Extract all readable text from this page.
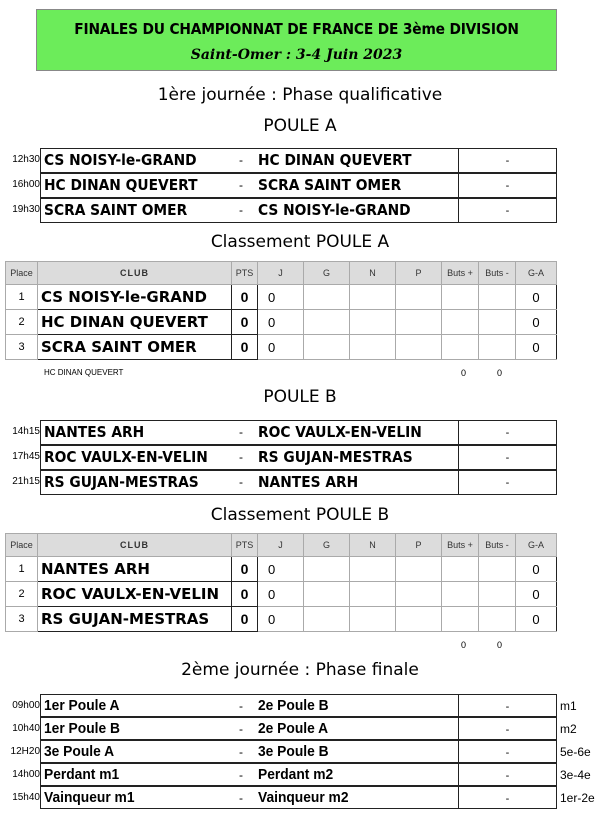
FINALES DU CHAMPIONNAT DE FRANCE DE 3ème DIVISION
Saint-Omer : 3-4 Juin 2023
1ère journée : Phase qualificative
POULE A
12h30 CS NOISY-le-GRAND	- HC DINAN QUEVERT	-
16h00 HC DINAN QUEVERT	- SCRA SAINT OMER	-
19h30 SCRA SAINT OMER	- CS NOISY-le-GRAND	-
Classement POULE A
Place	CLUB	PTS	J	G	N	P	Buts +	Buts -	G-A
1	CS NOISY-le-GRAND	0	0						0
2	HC DINAN QUEVERT	0	0						0
3	SCRA SAINT OMER	0	0						0
HC DINAN QUEVERT	0	0
POULE B
14h15 NANTES ARH	- ROC VAULX-EN-VELIN	-
17h45 ROC VAULX-EN-VELIN	- RS GUJAN-MESTRAS	-
21h15 RS GUJAN-MESTRAS	- NANTES ARH	-
Classement POULE B
Place	CLUB	PTS	J	G	N	P	Buts +	Buts -	G-A
1	NANTES ARH	0	0						0
2	ROC VAULX-EN-VELIN	0	0						0
3	RS GUJAN-MESTRAS	0	0						0
0	0
2ème journée : Phase finale
09h00 1er Poule A	- 2e Poule B	-	m1
10h40 1er Poule B	- 2e Poule A	-	m2
12H20 3e Poule A	- 3e Poule B	-	5e-6e
14h00 Perdant m1	- Perdant m2	-	3e-4e
15h40 Vainqueur m1	- Vainqueur m2	-	1er-2e
